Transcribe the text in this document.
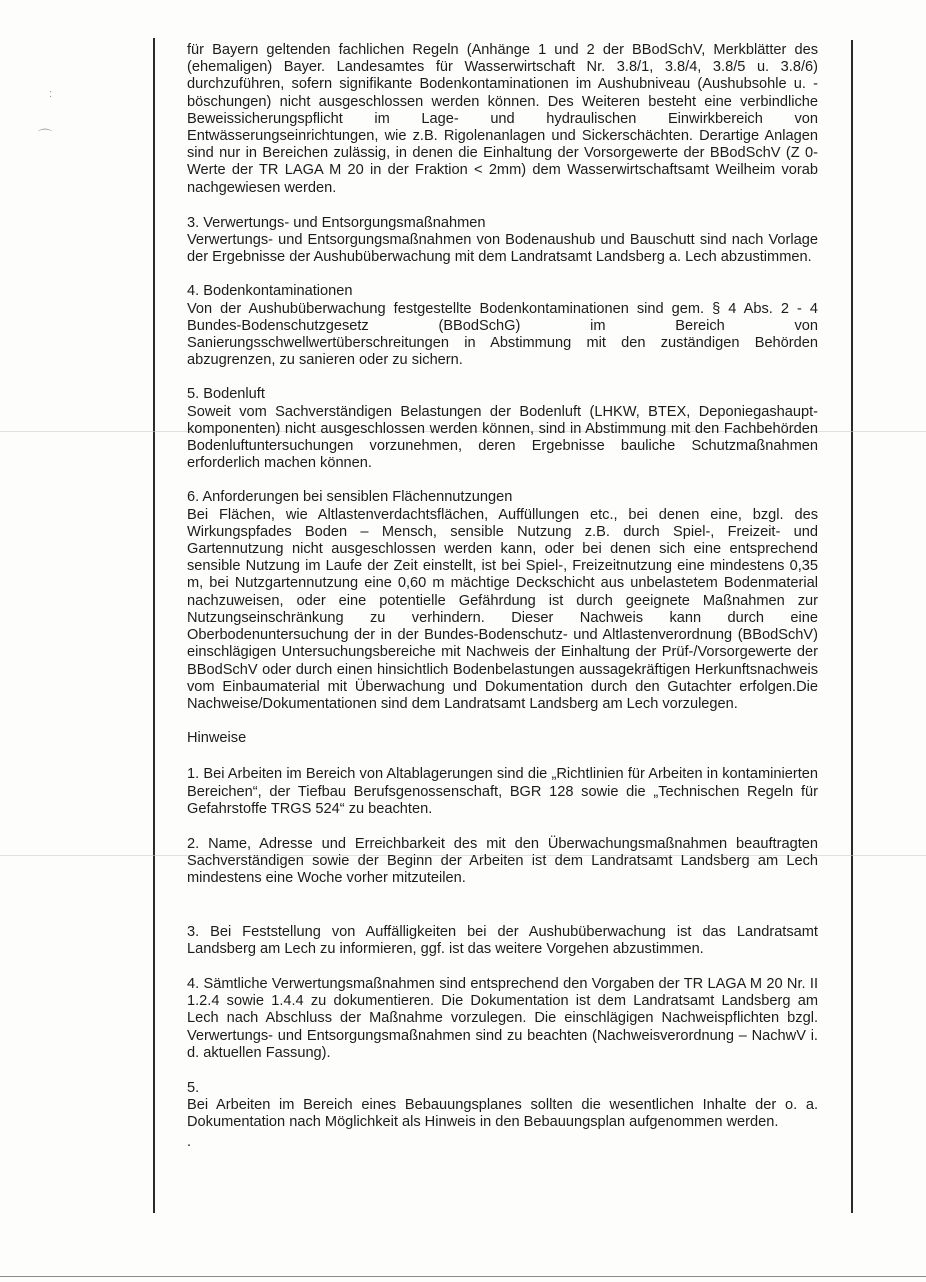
:
⌒

für Bayern geltenden fachlichen Regeln (Anhänge 1 und 2 der BBodSchV, Merkblätter des (ehemaligen) Bayer. Landesamtes für Wasserwirtschaft Nr. 3.8/1, 3.8/4, 3.8/5 u. 3.8/6) durchzuführen, sofern signifikante Bodenkontaminationen im Aushubniveau (Aushubsohle u. -böschungen) nicht ausgeschlossen werden können. Des Weiteren besteht eine verbindliche Beweissicherungspflicht im Lage- und hydraulischen Einwirkbereich von Entwässerungseinrichtungen, wie z.B. Rigolenanlagen und Sickerschächten. Derartige Anlagen sind nur in Bereichen zulässig, in denen die Einhaltung der Vorsorgewerte der BBodSchV (Z 0-Werte der TR LAGA M 20 in der Fraktion < 2mm) dem Wasserwirtschaftsamt Weilheim vorab nachgewiesen werden.

3. Verwertungs- und Entsorgungsmaßnahmen

Verwertungs- und Entsorgungsmaßnahmen von Bodenaushub und Bauschutt sind nach Vorlage der Ergebnisse der Aushubüberwachung mit dem Landratsamt Landsberg a. Lech abzustimmen.

4. Bodenkontaminationen

Von der Aushubüberwachung festgestellte Bodenkontaminationen sind gem. § 4 Abs. 2 - 4 Bundes-Bodenschutzgesetz (BBodSchG) im Bereich von Sanierungsschwellwertüberschreitungen in Abstimmung mit den zuständigen Behörden abzugrenzen, zu sanieren oder zu sichern.

5. Bodenluft

Soweit vom Sachverständigen Belastungen der Bodenluft (LHKW, BTEX, Deponiegashaupt-komponenten) nicht ausgeschlossen werden können, sind in Abstimmung mit den Fachbehörden Bodenluftuntersuchungen vorzunehmen, deren Ergebnisse bauliche Schutzmaßnahmen erforderlich machen können.

6. Anforderungen bei sensiblen Flächennutzungen

Bei Flächen, wie Altlastenverdachtsflächen, Auffüllungen etc., bei denen eine, bzgl. des Wirkungspfades Boden – Mensch, sensible Nutzung z.B. durch Spiel-, Freizeit- und Gartennutzung nicht ausgeschlossen werden kann, oder bei denen sich eine entsprechend sensible Nutzung im Laufe der Zeit einstellt, ist bei Spiel-, Freizeitnutzung eine mindestens 0,35 m, bei Nutzgartennutzung eine 0,60 m mächtige Deckschicht aus unbelastetem Bodenmaterial nachzuweisen, oder eine potentielle Gefährdung ist durch geeignete Maßnahmen zur Nutzungseinschränkung zu verhindern. Dieser Nachweis kann durch eine Oberbodenuntersuchung der in der Bundes-Bodenschutz- und Altlastenverordnung (BBodSchV) einschlägigen Untersuchungsbereiche mit Nachweis der Einhaltung der Prüf-/Vorsorgewerte der BBodSchV oder durch einen hinsichtlich Bodenbelastungen aussagekräftigen Herkunftsnachweis vom Einbaumaterial mit Überwachung und Dokumentation durch den Gutachter erfolgen.Die Nachweise/Dokumentationen sind dem Landratsamt Landsberg am Lech vorzulegen.

Hinweise

1. Bei Arbeiten im Bereich von Altablagerungen sind die „Richtlinien für Arbeiten in kontaminierten Bereichen“, der Tiefbau Berufsgenossenschaft, BGR 128 sowie die „Technischen Regeln für Gefahrstoffe TRGS 524“ zu beachten.

2. Name, Adresse und Erreichbarkeit des mit den Überwachungsmaßnahmen beauftragten Sachverständigen sowie der Beginn der Arbeiten ist dem Landratsamt Landsberg am Lech mindestens eine Woche vorher mitzuteilen.

3. Bei Feststellung von Auffälligkeiten bei der Aushubüberwachung ist das Landratsamt Landsberg am Lech zu informieren, ggf. ist das weitere Vorgehen abzustimmen.

4. Sämtliche Verwertungsmaßnahmen sind entsprechend den Vorgaben der TR LAGA M 20 Nr. II 1.2.4 sowie 1.4.4 zu dokumentieren. Die Dokumentation ist dem Landratsamt Landsberg am Lech nach Abschluss der Maßnahme vorzulegen. Die einschlägigen Nachweispflichten bzgl. Verwertungs- und Entsorgungsmaßnahmen sind zu beachten (Nachweisverordnung – NachwV i. d. aktuellen Fassung).

5.

Bei Arbeiten im Bereich eines Bebauungsplanes sollten die wesentlichen Inhalte der o. a. Dokumentation nach Möglichkeit als Hinweis in den Bebauungsplan aufgenommen werden.

.
